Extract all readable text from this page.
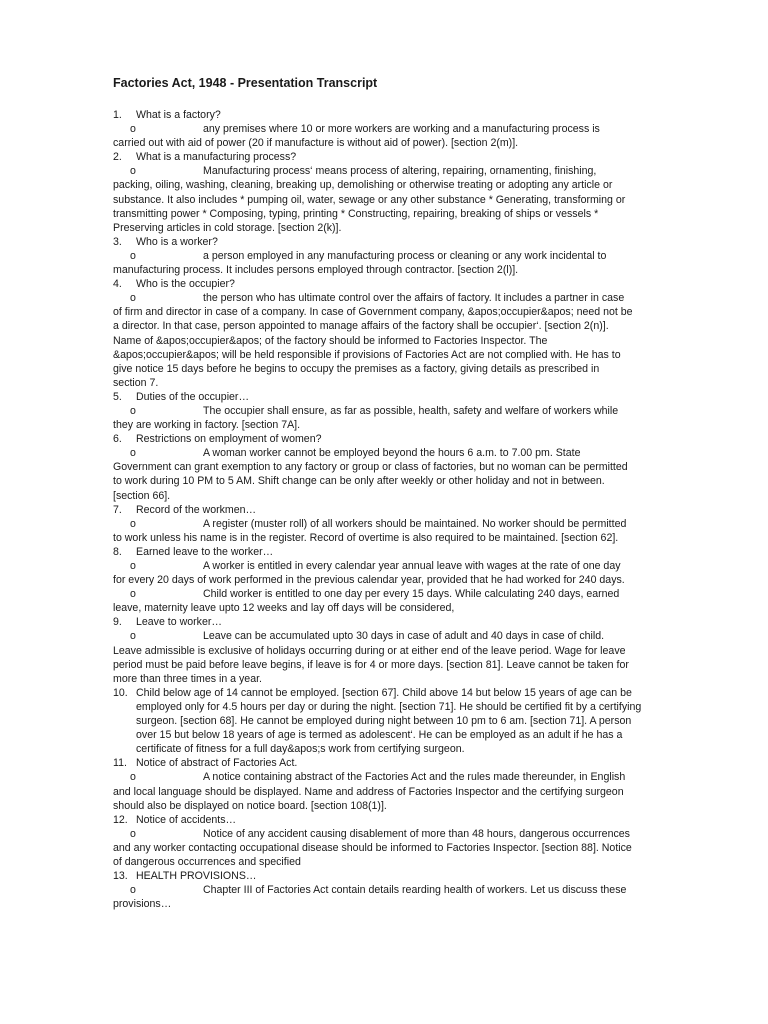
Factories Act, 1948 - Presentation Transcript
1. What is a factory?
o	any premises where 10 or more workers are working and a manufacturing process is carried out with aid of power (20 if manufacture is without aid of power). [section 2(m)].
2. What is a manufacturing process?
o	Manufacturing process‘ means process of altering, repairing, ornamenting, finishing, packing, oiling, washing, cleaning, breaking up, demolishing or otherwise treating or adopting any article or substance. It also includes * pumping oil, water, sewage or any other substance * Generating, transforming or transmitting power * Composing, typing, printing * Constructing, repairing, breaking of ships or vessels * Preserving articles in cold storage. [section 2(k)].
3. Who is a worker?
o	a person employed in any manufacturing process or cleaning or any work incidental to manufacturing process. It includes persons employed through contractor. [section 2(l)].
4. Who is the occupier?
o	the person who has ultimate control over the affairs of factory. It includes a partner in case of firm and director in case of a company. In case of Government company, &apos;occupier&apos; need not be a director. In that case, person appointed to manage affairs of the factory shall be occupier‘. [section 2(n)]. Name of &apos;occupier&apos; of the factory should be informed to Factories Inspector. The &apos;occupier&apos; will be held responsible if provisions of Factories Act are not complied with. He has to give notice 15 days before he begins to occupy the premises as a factory, giving details as prescribed in section 7.
5. Duties of the occupier…
o	The occupier shall ensure, as far as possible, health, safety and welfare of workers while they are working in factory. [section 7A].
6. Restrictions on employment of women?
o	A woman worker cannot be employed beyond the hours 6 a.m. to 7.00 pm. State Government can grant exemption to any factory or group or class of factories, but no woman can be permitted to work during 10 PM to 5 AM. Shift change can be only after weekly or other holiday and not in between. [section 66].
7. Record of the workmen…
o	A register (muster roll) of all workers should be maintained. No worker should be permitted to work unless his name is in the register. Record of overtime is also required to be maintained. [section 62].
8. Earned leave to the worker…
o	A worker is entitled in every calendar year annual leave with wages at the rate of one day for every 20 days of work performed in the previous calendar year, provided that he had worked for 240 days.
o	Child worker is entitled to one day per every 15 days. While calculating 240 days, earned leave, maternity leave upto 12 weeks and lay off days will be considered,
9. Leave to worker…
o	Leave can be accumulated upto 30 days in case of adult and 40 days in case of child. Leave admissible is exclusive of holidays occurring during or at either end of the leave period. Wage for leave period must be paid before leave begins, if leave is for 4 or more days. [section 81]. Leave cannot be taken for more than three times in a year.
10. Child below age of 14 cannot be employed. [section 67]. Child above 14 but below 15 years of age can be employed only for 4.5 hours per day or during the night. [section 71]. He should be certified fit by a certifying surgeon. [section 68]. He cannot be employed during night between 10 pm to 6 am. [section 71]. A person over 15 but below 18 years of age is termed as adolescent‘. He can be employed as an adult if he has a certificate of fitness for a full day&apos;s work from certifying surgeon.
11. Notice of abstract of Factories Act.
o	A notice containing abstract of the Factories Act and the rules made thereunder, in English and local language should be displayed. Name and address of Factories Inspector and the certifying surgeon should also be displayed on notice board. [section 108(1)].
12. Notice of accidents…
o	Notice of any accident causing disablement of more than 48 hours, dangerous occurrences and any worker contacting occupational disease should be informed to Factories Inspector. [section 88]. Notice of dangerous occurrences and specified
13. HEALTH PROVISIONS…
o	Chapter III of Factories Act contain details rearding health of workers. Let us discuss these provisions…
